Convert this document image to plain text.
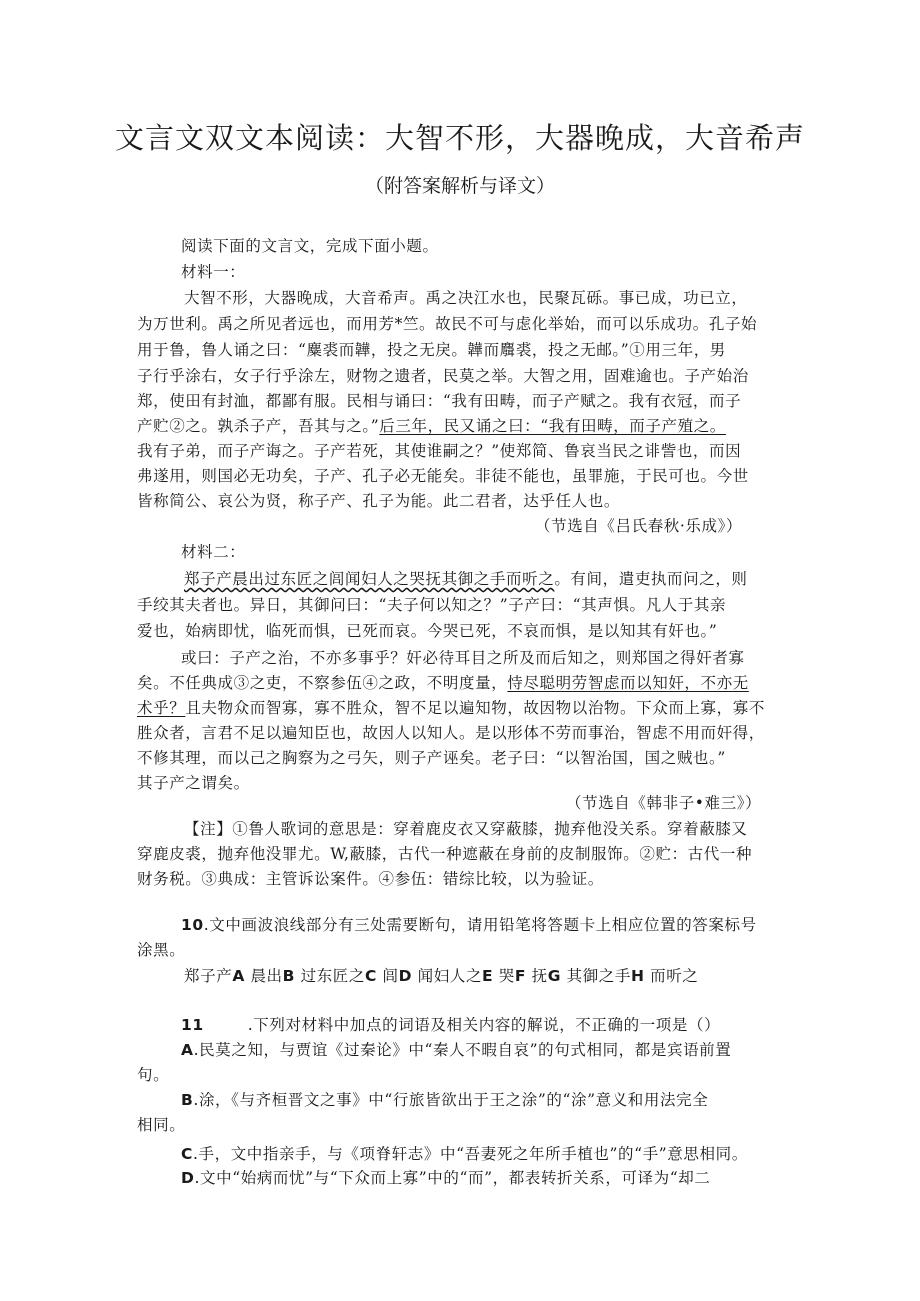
文言文双文本阅读：大智不形，大器晚成，大音希声
（附答案解析与译文）
阅读下面的文言文，完成下面小题。
材料一：
大智不形，大器晚成，大音希声。禹之决江水也，民聚瓦砾。事已成，功已立，
为万世利。禹之所见者远也，而用芳*竺。故民不可与虑化举始，而可以乐成功。孔子始
用于鲁，鲁人诵之曰：“麋裘而韡，投之无戾。韡而麛裘，投之无邮。”①用三年，男
子行乎涂右，女子行乎涂左，财物之遗者，民莫之举。大智之用，固难逾也。子产始治
郑，使田有封洫，都鄙有服。民相与诵曰：“我有田畴，而子产赋之。我有衣冠，而子
产贮②之。孰杀子产，吾其与之。”后三年，民又诵之曰：“我有田畴，而子产殖之。
我有子弟，而子产诲之。子产若死，其使谁嗣之？”使郑简、鲁哀当民之诽訾也，而因
弗遂用，则国必无功矣，子产、孔子必无能矣。非徒不能也，虽罪施，于民可也。今世
皆称简公、哀公为贤，称子产、孔子为能。此二君者，达乎任人也。
（节选自《吕氏春秋·乐成》）
材料二：
郑子产晨出过东匠之闾闻妇人之哭抚其御之手而听之。有间，遣吏执而问之，则
手绞其夫者也。异日，其御问曰：“夫子何以知之？”子产曰：“其声惧。凡人于其亲
爱也，始病即忧，临死而惧，已死而哀。今哭已死，不哀而惧，是以知其有奸也。”
或曰：子产之治，不亦多事乎？奸必待耳目之所及而后知之，则郑国之得奸者寡
矣。不任典成③之吏，不察参伍④之政，不明度量，恃尽聪明劳智虑而以知奸，不亦无
术乎？且夫物众而智寡，寡不胜众，智不足以遍知物，故因物以治物。下众而上寡，寡不
胜众者，言君不足以遍知臣也，故因人以知人。是以形体不劳而事治，智虑不用而奸得，
不修其理，而以己之胸察为之弓矢，则子产诬矣。老子曰：“以智治国，国之贼也。”
其子产之谓矣。
（节选自《韩非子•难三》）
【注】①鲁人歌词的意思是：穿着鹿皮衣又穿蔽膝，抛弃他没关系。穿着蔽膝又
穿鹿皮裘，抛弃他没罪尤。W,蔽膝，古代一种遮蔽在身前的皮制服饰。②贮：古代一种
财务税。③典成：主管诉讼案件。④参伍：错综比较，以为验证。
10.文中画波浪线部分有三处需要断句，请用铅笔将答题卡上相应位置的答案标号
涂黑。
郑子产A 晨出B 过东匠之C 闾D 闻妇人之E 哭F 抚G 其御之手H 而听之
11	.下列对材料中加点的词语及相关内容的解说，不正确的一项是（）
A.民莫之知，与贾谊《过秦论》中“秦人不暇自哀”的句式相同，都是宾语前置
句。
B.涂，《与齐桓晋文之事》中“行旅皆欲出于王之涂”的“涂”意义和用法完全
相同。
C.手，文中指亲手，与《项脊轩志》中“吾妻死之年所手植也”的“手”意思相同。
D.文中“始病而忧”与“下众而上寡”中的“而”，都表转折关系，可译为“却二
